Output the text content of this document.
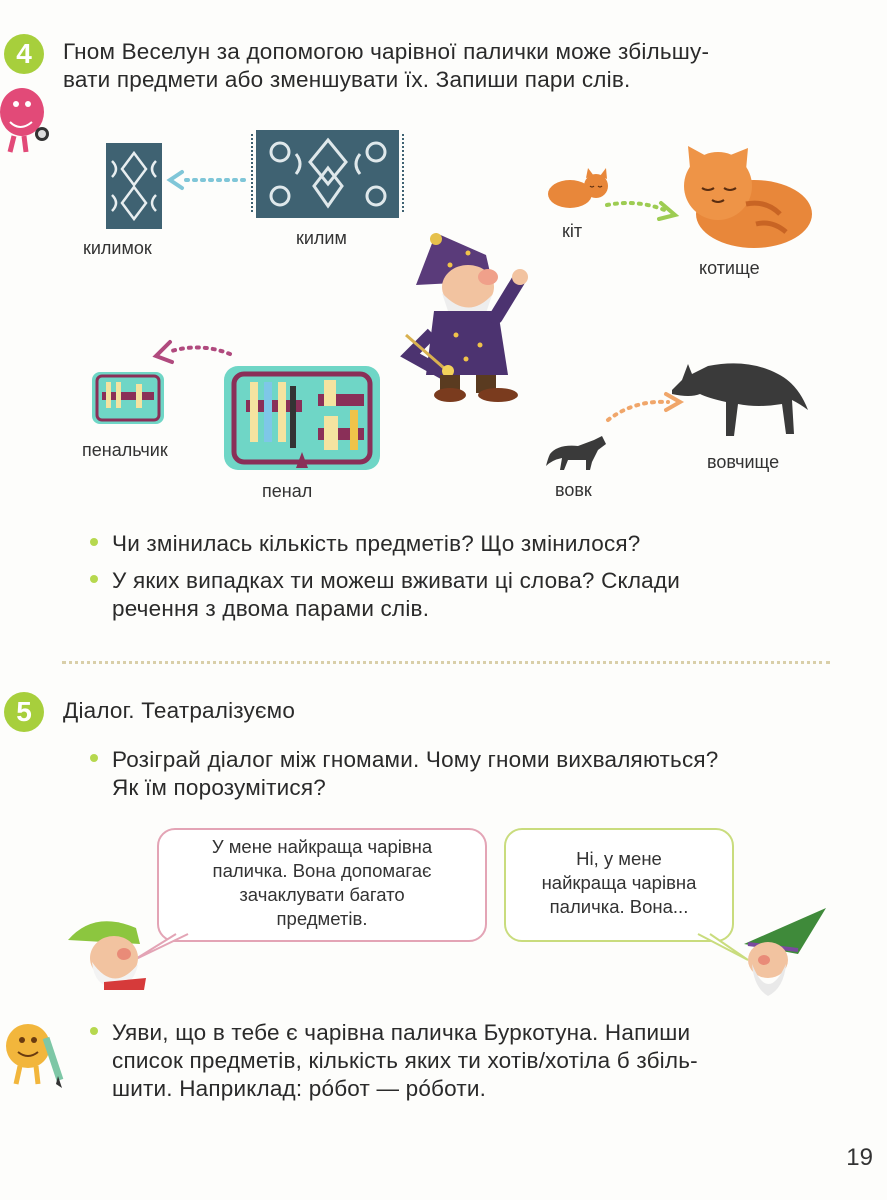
4 Гном Веселун за допомогою чарівної палички може збільшу-
вати предмети або зменшувати їх. Запиши пари слів.
килимок	килим	кіт
котище
пенальчик
пенал	вовк
вовчище
Чи змінилась кількість предметів? Що змінилося?
У яких випадках ти можеш вживати ці слова? Склади
речення з двома парами слів.
5 Діалог. Театралізуємо
Розіграй діалог між гномами. Чому гноми вихваляються?
Як їм порозумітися?
У мене найкраща чарівна
паличка. Вона допомагає
зачаклувати багато
предметів.
Ні, у мене
найкраща чарівна
паличка. Вона...
Уяви, що в тебе є чарівна паличка Буркотуна. Напиши
список предметів, кількість яких ти хотів/хотіла б збіль-
шити. Наприклад: рóбот — рóботи.
19
